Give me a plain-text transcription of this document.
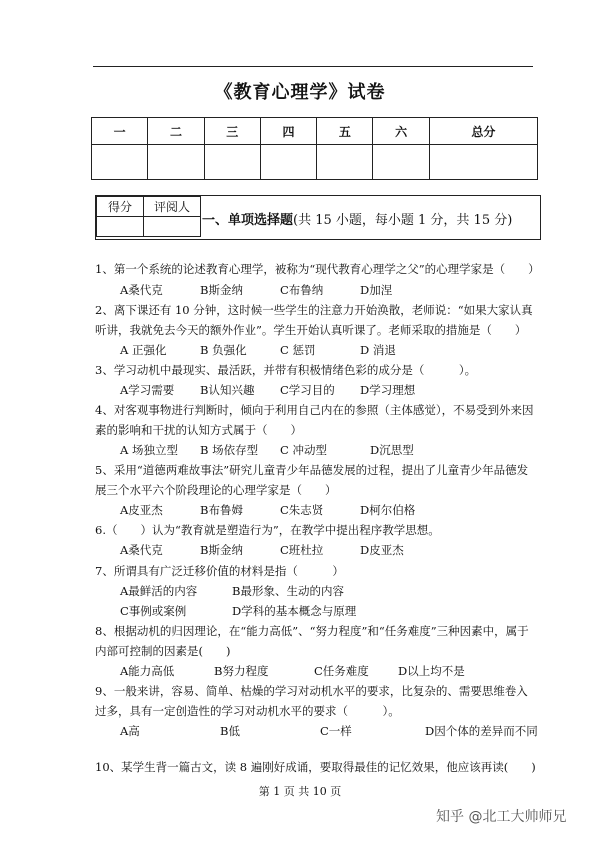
《教育心理学》试卷
一	二	三	四	五	六	总分

得分	评阅人

一、单项选择题(共 15 小题，每小题 1 分，共 15 分)
1、第一个系统的论述教育心理学，被称为“现代教育心理学之父”的心理学家是（　　）
A桑代克	B斯金纳	C布鲁纳	D加涅
2、离下课还有 10 分钟，这时候一些学生的注意力开始涣散，老师说：“如果大家认真听讲，我就免去今天的额外作业”。学生开始认真听课了。老师采取的措施是（　　）
A 正强化	B 负强化	C 惩罚	D 消退
3、学习动机中最现实、最活跃，并带有积极情绪色彩的成分是（　　　）。
A学习需要 B认知兴趣 C学习目的 D学习理想
4、对客观事物进行判断时，倾向于利用自己内在的参照（主体感觉），不易受到外来因素的影响和干扰的认知方式属于（　　）
A 场独立型 B 场依存型 C 冲动型	D沉思型
5、采用“道德两难故事法”研究儿童青少年品德发展的过程，提出了儿童青少年品德发展三个水平六个阶段理论的心理学家是（　　）
A皮亚杰	B布鲁姆	C朱志贤	D柯尔伯格
6.（　　）认为“教育就是塑造行为”，在教学中提出程序教学思想。
A桑代克	B斯金纳	C班杜拉	D皮亚杰
7、所谓具有广泛迁移价值的材料是指（　　　）
A最鲜活的内容	B最形象、生动的内容
C事例或案例	D学科的基本概念与原理
8、根据动机的归因理论，在“能力高低”、“努力程度”和“任务难度”三种因素中，属于内部可控制的因素是(　　)
A能力高低	B努力程度	C任务难度	D以上均不是
9、一般来讲，容易、简单、枯燥的学习对动机水平的要求，比复杂的、需要思维卷入过多，具有一定创造性的学习对动机水平的要求（　　　）。
A高	B低	C一样	D因个体的差异而不同
10、某学生背一篇古文，读 8 遍刚好成诵，要取得最佳的记忆效果，他应该再读(　　)
第 1 页 共 10 页
知乎 @北工大帅师兄
